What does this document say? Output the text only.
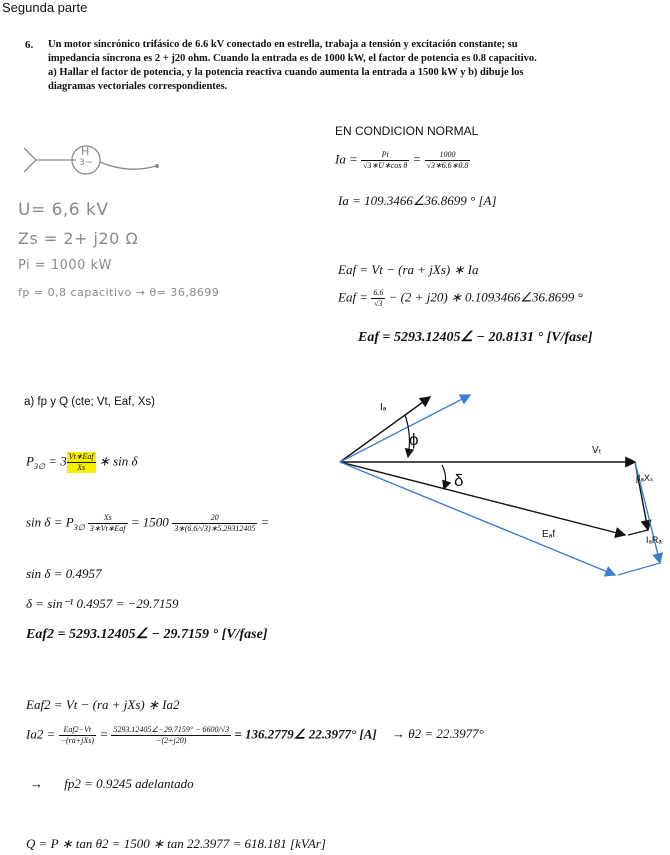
Segunda parte
6. Un motor sincrónico trifásico de 6.6 kV conectado en estrella, trabaja a tensión y excitación constante; su
impedancia síncrona es 2 + j20 ohm. Cuando la entrada es de 1000 kW, el factor de potencia es 0.8 capacitivo.
a) Hallar el factor de potencia, y la potencia reactiva cuando aumenta la entrada a 1500 kW y b) dibuje los
diagramas vectoriales correspondientes.
H
3~
U= 6,6 kV
Zs = 2+ j20 Ω
Pi = 1000 kW
fp = 0,8 capacitivo → θ= 36,8699
EN CONDICION NORMAL
$Ia = \frac{Pi}{\text{√3∗U∗cos θ}} = \frac{1000}{√3∗6.6∗0.8}$
Ia = 109.3466∠36.8699 ° [A]
Eaf = Vt − (ra + jXs) ∗ Ia
Eaf = $\frac{6.6}{√3} - (2 + j20)$ ∗ 0.1093466∠36.8699 °
Eaf = 5293.12405∠ − 20.8131 ° [V/fase]
a) fp y Q (cte; Vt, Eaf, Xs)
$P_{3\emptyset} = 3 \frac{\text{Vt∗Eaf}}{Xs}$ ∗ sin δ
$\sin \delta = P_{3\emptyset} \frac{Xs}{\text{3∗Vt∗Eaf}} = 1500 \frac{20}{3∗(6.6/√3)∗5.29312405}$ =
sin δ = 0.4957
δ = sin⁻¹ 0.4957 = −29.7159
Eaf2 = 5293.12405∠ − 29.7159 ° [V/fase]
Iₐ
ϕ
Vₜ
δ	jIₐXₛ
IₐRₐ
Eₐf
Eaf2 = Vt − (ra + jXs) ∗ Ia2
$Ia2 = \frac{\text{Eaf2−Vt}}{\text{−(ra+jXs)}} = \frac{5293.12405\angle-29.7159^\circ - 6600/√3}{-(2+j20)}$ = 136.2779∠ 22.3977° [A] → θ2 = 22.3977°
→ fp2 = 0.9245 adelantado
Q = P ∗ tan θ2 = 1500 ∗ tan 22.3977 = 618.181 [kVAr]
